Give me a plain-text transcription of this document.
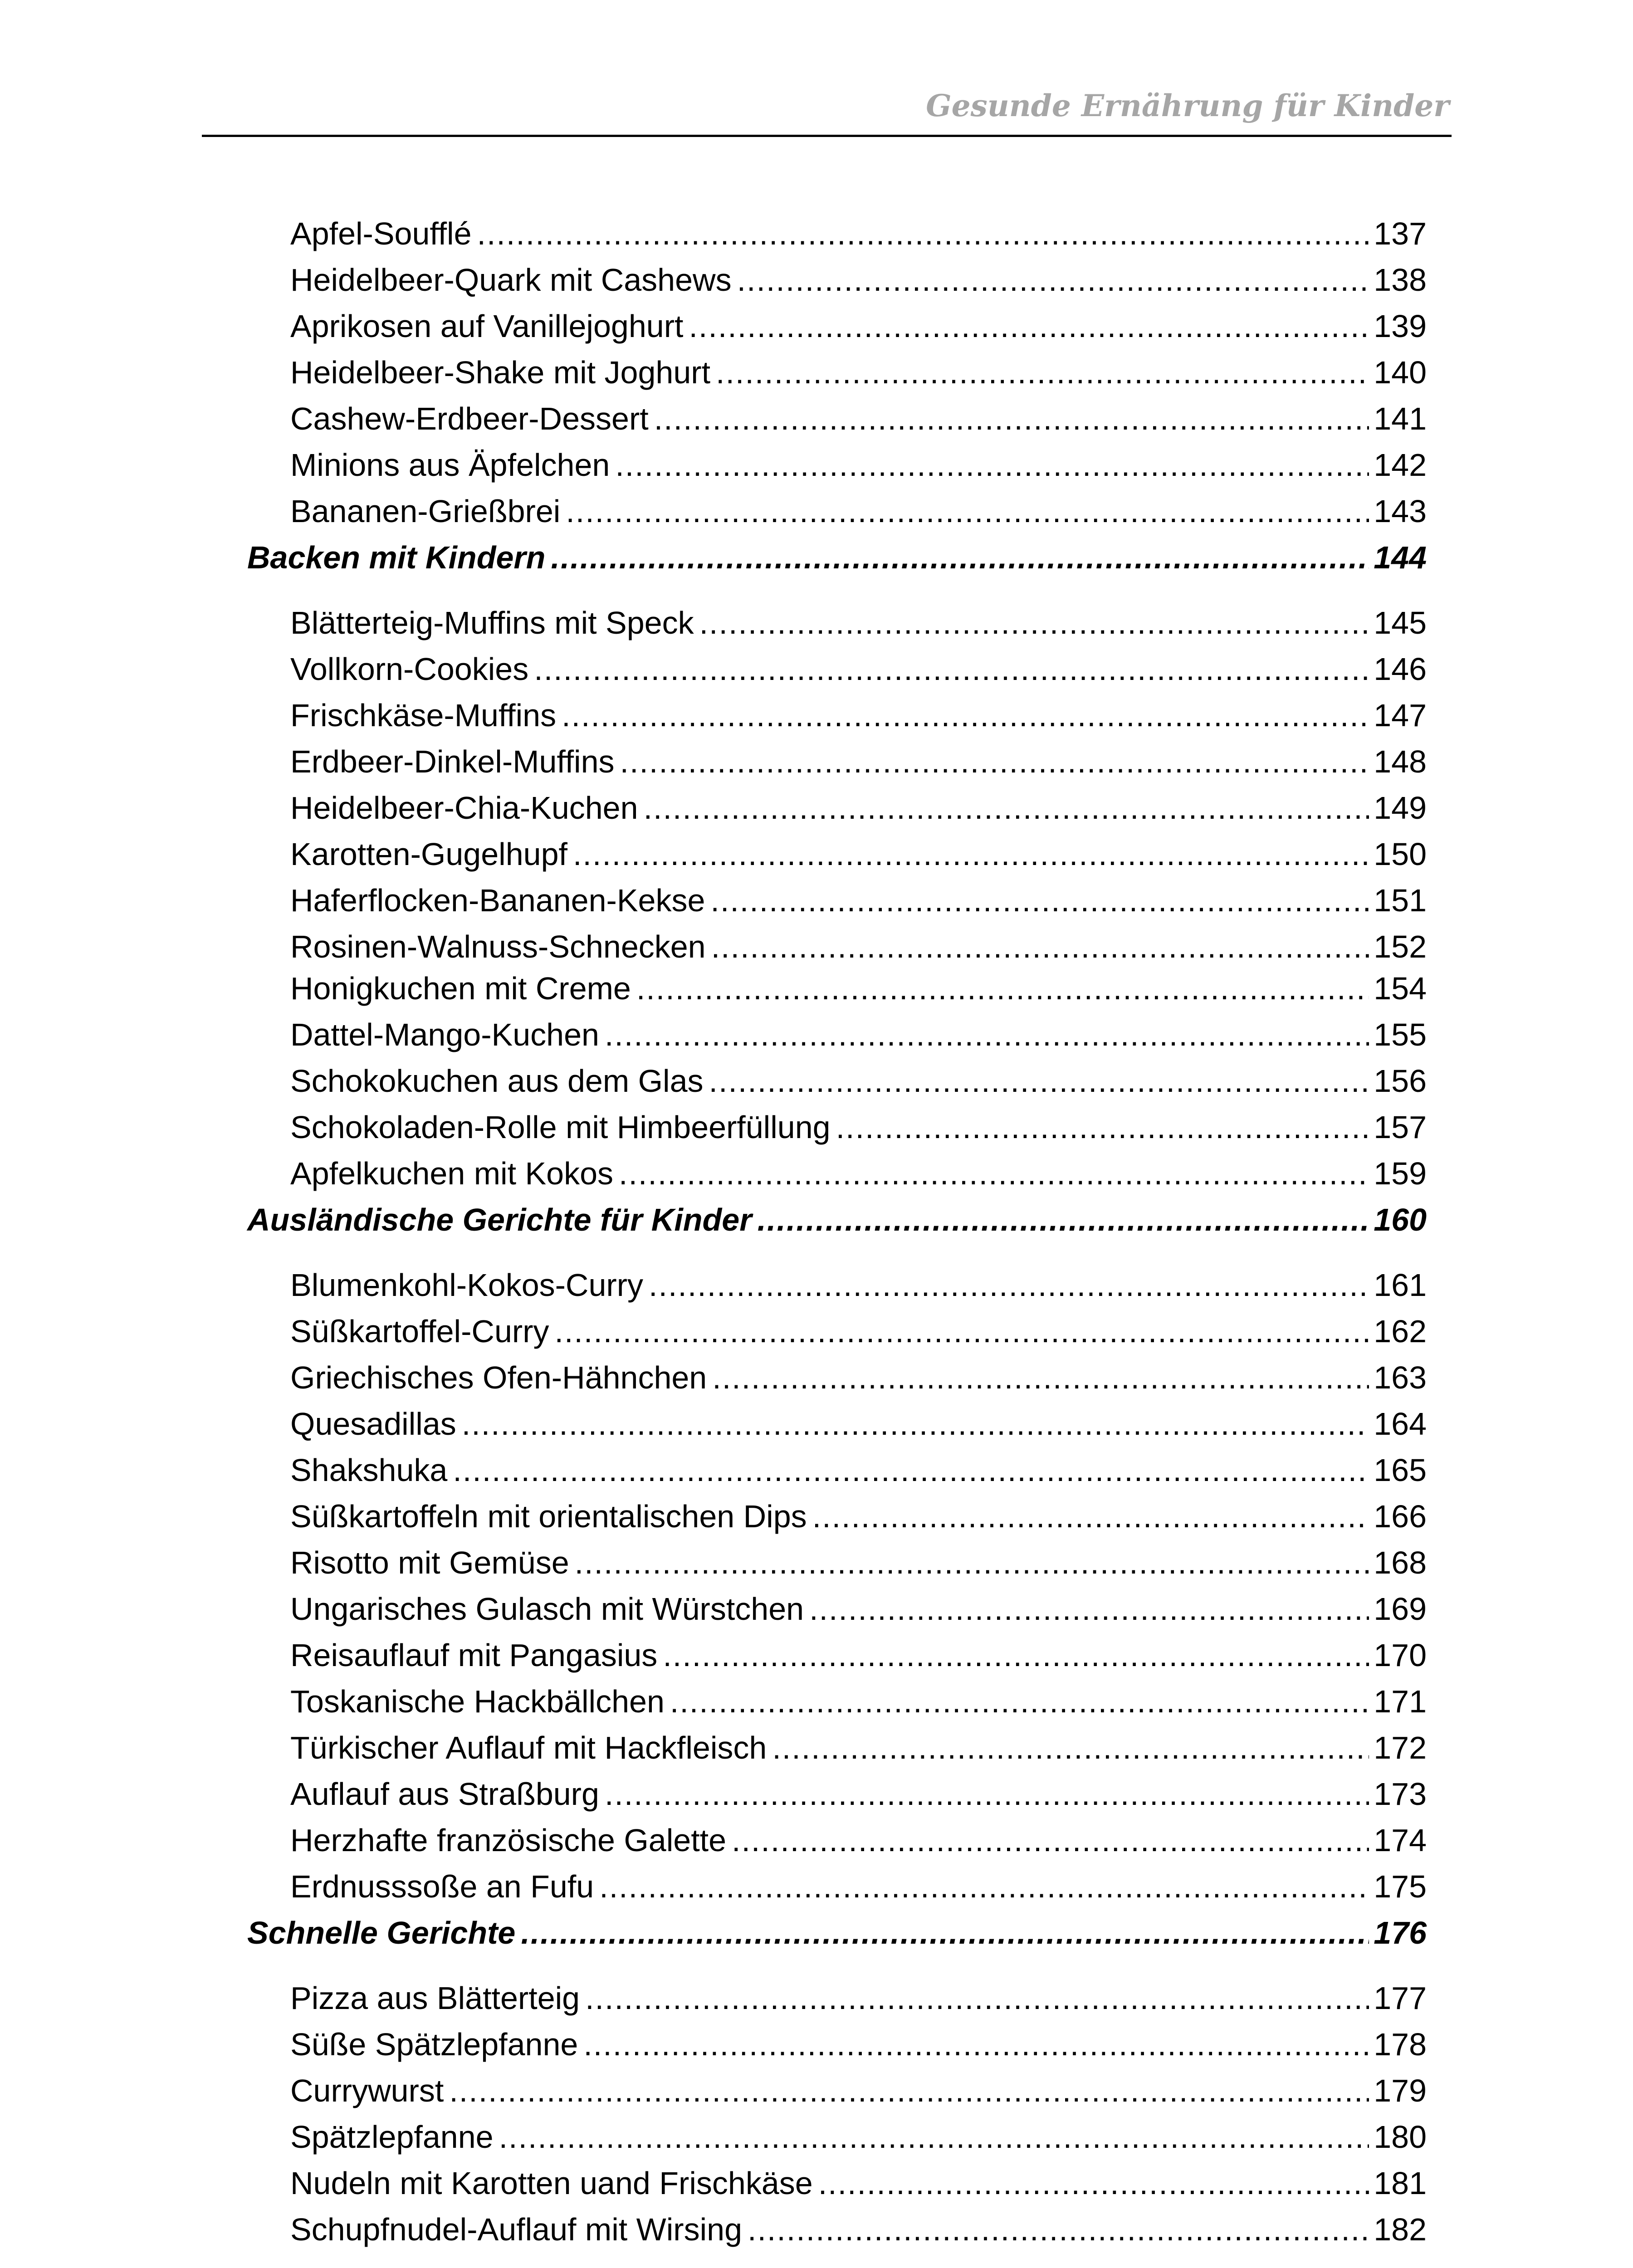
Gesunde Ernährung für Kinder
Apfel-Soufflé .....	137
Heidelbeer-Quark mit Cashews .....	138
Aprikosen auf Vanillejoghurt .....	139
Heidelbeer-Shake mit Joghurt .....	140
Cashew-Erdbeer-Dessert .....	141
Minions aus Äpfelchen .....	142
Bananen-Grießbrei .....	143
Backen mit Kindern .....	144
Blätterteig-Muffins mit Speck .....	145
Vollkorn-Cookies .....	146
Frischkäse-Muffins .....	147
Erdbeer-Dinkel-Muffins .....	148
Heidelbeer-Chia-Kuchen .....	149
Karotten-Gugelhupf .....	150
Haferflocken-Bananen-Kekse .....	151
Rosinen-Walnuss-Schnecken .....	152
Honigkuchen mit Creme .....	154
Dattel-Mango-Kuchen .....	155
Schokokuchen aus dem Glas .....	156
Schokoladen-Rolle mit Himbeerfüllung .....	157
Apfelkuchen mit Kokos .....	159
Ausländische Gerichte für Kinder .....	160
Blumenkohl-Kokos-Curry .....	161
Süßkartoffel-Curry .....	162
Griechisches Ofen-Hähnchen .....	163
Quesadillas .....	164
Shakshuka .....	165
Süßkartoffeln mit orientalischen Dips .....	166
Risotto mit Gemüse .....	168
Ungarisches Gulasch mit Würstchen .....	169
Reisauflauf mit Pangasius .....	170
Toskanische Hackbällchen .....	171
Türkischer Auflauf mit Hackfleisch .....	172
Auflauf aus Straßburg .....	173
Herzhafte französische Galette .....	174
Erdnusssoße an Fufu .....	175
Schnelle Gerichte .....	176
Pizza aus Blätterteig .....	177
Süße Spätzlepfanne .....	178
Currywurst .....	179
Spätzlepfanne .....	180
Nudeln mit Karotten uand Frischkäse .....	181
Schupfnudel-Auflauf mit Wirsing .....	182
